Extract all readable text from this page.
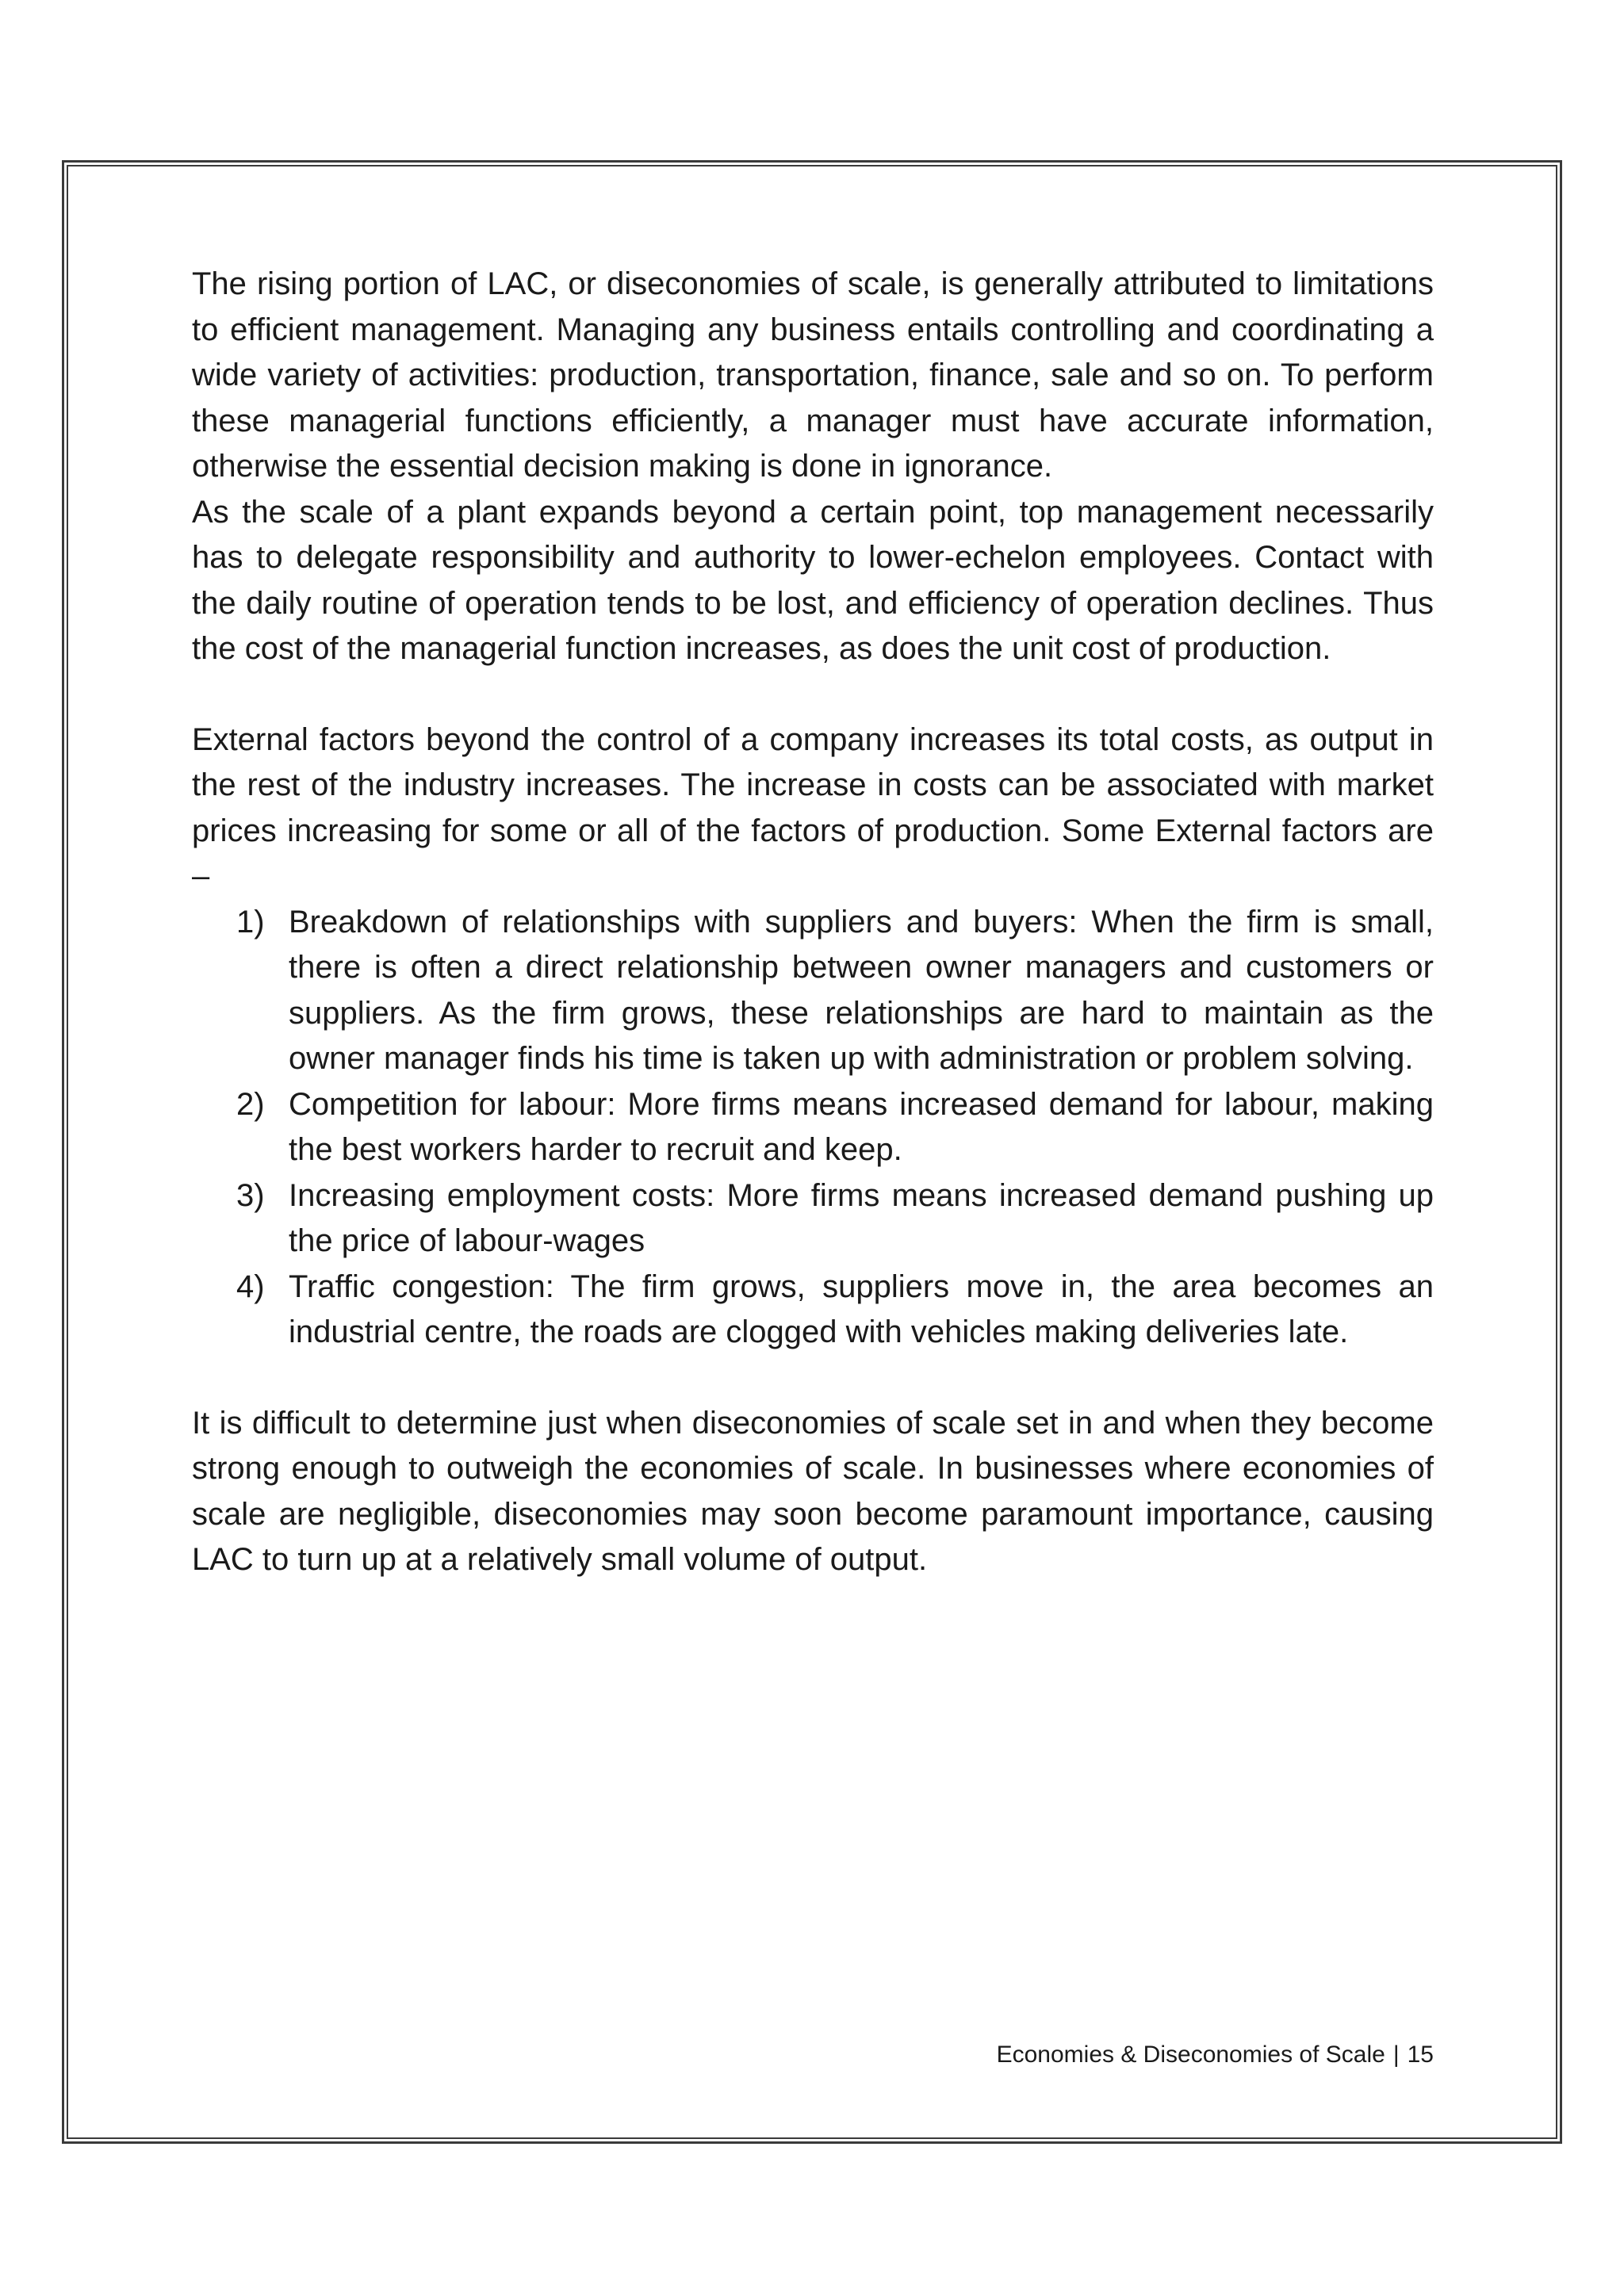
The rising portion of LAC, or diseconomies of scale, is generally attributed to limitations to efficient management. Managing any business entails controlling and coordinating a wide variety of activities: production, transportation, finance, sale and so on. To perform these managerial functions efficiently, a manager must have accurate information, otherwise the essential decision making is done in ignorance.

As the scale of a plant expands beyond a certain point, top management necessarily has to delegate responsibility and authority to lower-echelon employees. Contact with the daily routine of operation tends to be lost, and efficiency of operation declines. Thus the cost of the managerial function increases, as does the unit cost of production.

External factors beyond the control of a company increases its total costs, as output in the rest of the industry increases. The increase in costs can be associated with market prices increasing for some or all of the factors of production. Some External factors are –

1) Breakdown of relationships with suppliers and buyers: When the firm is small, there is often a direct relationship between owner managers and customers or suppliers. As the firm grows, these relationships are hard to maintain as the owner manager finds his time is taken up with administration or problem solving.
2) Competition for labour: More firms means increased demand for labour, making the best workers harder to recruit and keep.
3) Increasing employment costs: More firms means increased demand pushing up the price of labour-wages
4) Traffic congestion: The firm grows, suppliers move in, the area becomes an industrial centre, the roads are clogged with vehicles making deliveries late.

It is difficult to determine just when diseconomies of scale set in and when they become strong enough to outweigh the economies of scale. In businesses where economies of scale are negligible, diseconomies may soon become paramount importance, causing LAC to turn up at a relatively small volume of output.

Economies & Diseconomies of Scale | 15
